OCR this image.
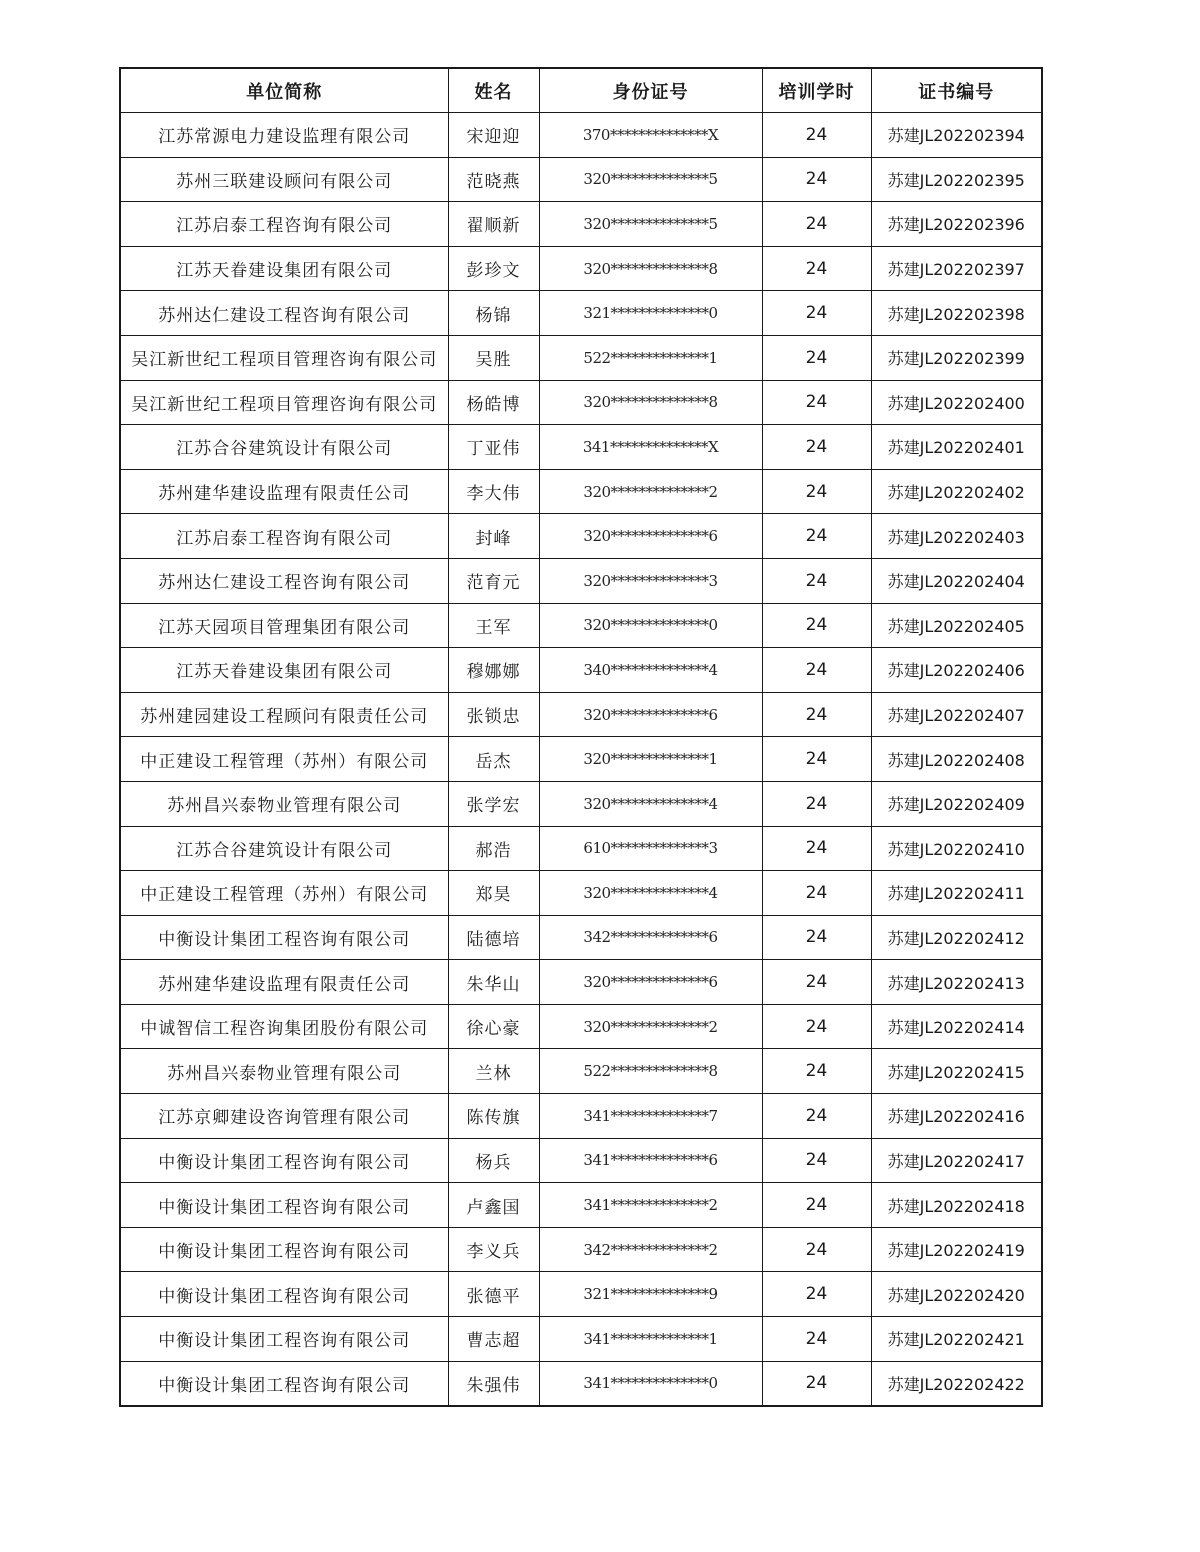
单位简称	姓名	身份证号	培训学时	证书编号
江苏常源电力建设监理有限公司	宋迎迎	370**************X	24	苏建JL202202394
苏州三联建设顾问有限公司	范晓燕	320**************5	24	苏建JL202202395
江苏启泰工程咨询有限公司	翟顺新	320**************5	24	苏建JL202202396
江苏天眷建设集团有限公司	彭珍文	320**************8	24	苏建JL202202397
苏州达仁建设工程咨询有限公司	杨锦	321**************0	24	苏建JL202202398
吴江新世纪工程项目管理咨询有限公司	吴胜	522**************1	24	苏建JL202202399
吴江新世纪工程项目管理咨询有限公司	杨皓博	320**************8	24	苏建JL202202400
江苏合谷建筑设计有限公司	丁亚伟	341**************X	24	苏建JL202202401
苏州建华建设监理有限责任公司	李大伟	320**************2	24	苏建JL202202402
江苏启泰工程咨询有限公司	封峰	320**************6	24	苏建JL202202403
苏州达仁建设工程咨询有限公司	范育元	320**************3	24	苏建JL202202404
江苏天园项目管理集团有限公司	王军	320**************0	24	苏建JL202202405
江苏天眷建设集团有限公司	穆娜娜	340**************4	24	苏建JL202202406
苏州建园建设工程顾问有限责任公司	张锁忠	320**************6	24	苏建JL202202407
中正建设工程管理（苏州）有限公司	岳杰	320**************1	24	苏建JL202202408
苏州昌兴泰物业管理有限公司	张学宏	320**************4	24	苏建JL202202409
江苏合谷建筑设计有限公司	郝浩	610**************3	24	苏建JL202202410
中正建设工程管理（苏州）有限公司	郑昊	320**************4	24	苏建JL202202411
中衡设计集团工程咨询有限公司	陆德培	342**************6	24	苏建JL202202412
苏州建华建设监理有限责任公司	朱华山	320**************6	24	苏建JL202202413
中诚智信工程咨询集团股份有限公司	徐心豪	320**************2	24	苏建JL202202414
苏州昌兴泰物业管理有限公司	兰林	522**************8	24	苏建JL202202415
江苏京卿建设咨询管理有限公司	陈传旗	341**************7	24	苏建JL202202416
中衡设计集团工程咨询有限公司	杨兵	341**************6	24	苏建JL202202417
中衡设计集团工程咨询有限公司	卢鑫国	341**************2	24	苏建JL202202418
中衡设计集团工程咨询有限公司	李义兵	342**************2	24	苏建JL202202419
中衡设计集团工程咨询有限公司	张德平	321**************9	24	苏建JL202202420
中衡设计集团工程咨询有限公司	曹志超	341**************1	24	苏建JL202202421
中衡设计集团工程咨询有限公司	朱强伟	341**************0	24	苏建JL202202422
